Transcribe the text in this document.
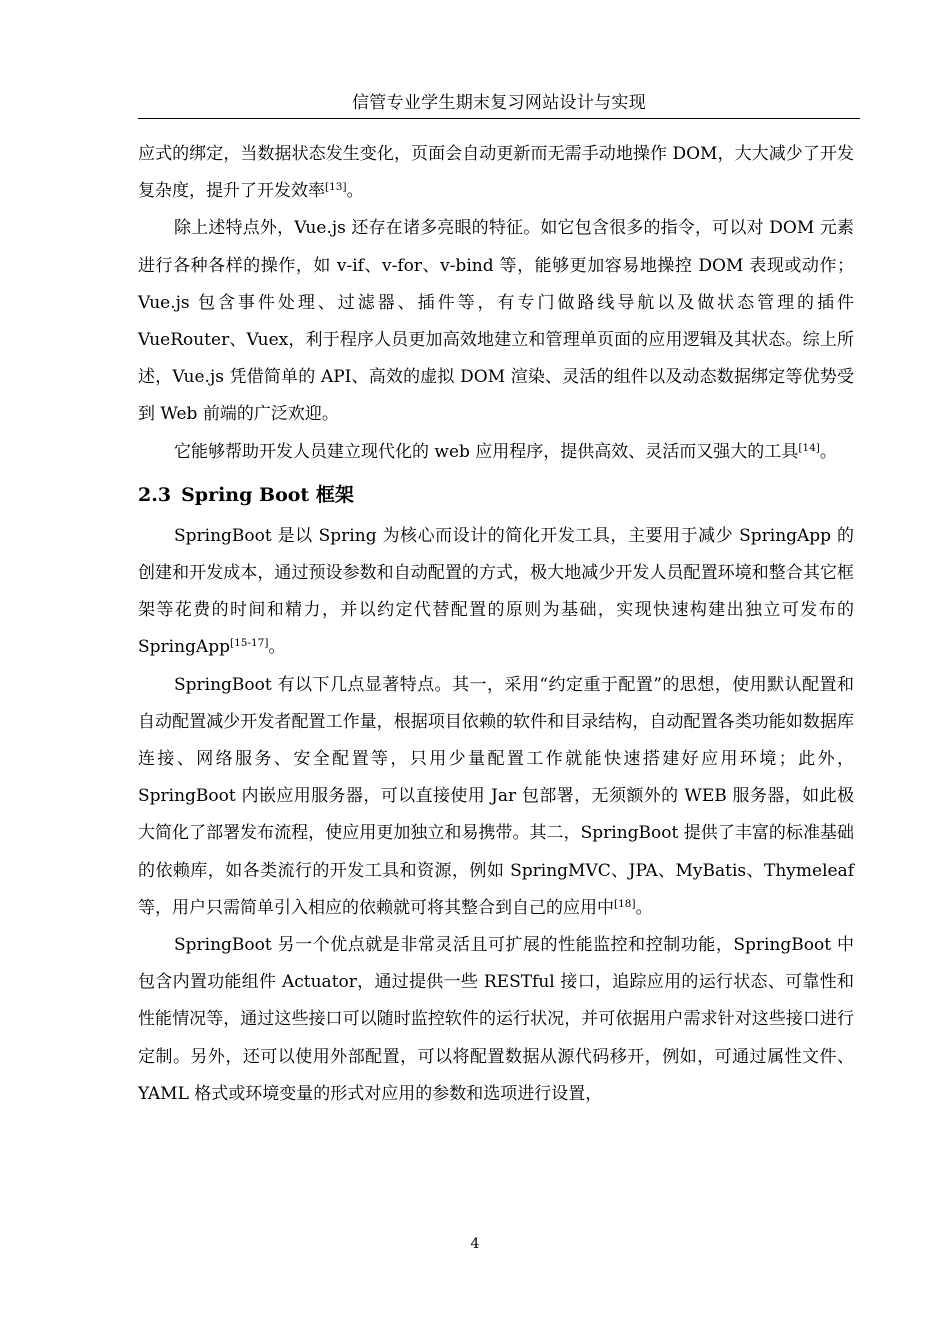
信管专业学生期末复习网站设计与实现

应式的绑定，当数据状态发生变化，页面会自动更新而无需手动地操作 DOM，大大减少了开发复杂度，提升了开发效率[13]。

除上述特点外，Vue.js 还存在诸多亮眼的特征。如它包含很多的指令，可以对 DOM 元素进行各种各样的操作，如 v-if、v-for、v-bind 等，能够更加容易地操控 DOM 表现或动作；Vue.js 包含事件处理、过滤器、插件等，有专门做路线导航以及做状态管理的插件 VueRouter、Vuex，利于程序人员更加高效地建立和管理单页面的应用逻辑及其状态。综上所述，Vue.js 凭借简单的 API、高效的虚拟 DOM 渲染、灵活的组件以及动态数据绑定等优势受到 Web 前端的广泛欢迎。

它能够帮助开发人员建立现代化的 web 应用程序，提供高效、灵活而又强大的工具[14]。

2.3 Spring Boot 框架

SpringBoot 是以 Spring 为核心而设计的简化开发工具，主要用于减少 SpringApp 的创建和开发成本，通过预设参数和自动配置的方式，极大地减少开发人员配置环境和整合其它框架等花费的时间和精力，并以约定代替配置的原则为基础，实现快速构建出独立可发布的 SpringApp[15-17]。

SpringBoot 有以下几点显著特点。其一，采用“约定重于配置”的思想，使用默认配置和自动配置减少开发者配置工作量，根据项目依赖的软件和目录结构，自动配置各类功能如数据库连接、网络服务、安全配置等，只用少量配置工作就能快速搭建好应用环境；此外，SpringBoot 内嵌应用服务器，可以直接使用 Jar 包部署，无须额外的 WEB 服务器，如此极大简化了部署发布流程，使应用更加独立和易携带。其二，SpringBoot 提供了丰富的标准基础的依赖库，如各类流行的开发工具和资源，例如 SpringMVC、JPA、MyBatis、Thymeleaf 等，用户只需简单引入相应的依赖就可将其整合到自己的应用中[18]。

SpringBoot 另一个优点就是非常灵活且可扩展的性能监控和控制功能，SpringBoot 中包含内置功能组件 Actuator，通过提供一些 RESTful 接口，追踪应用的运行状态、可靠性和性能情况等，通过这些接口可以随时监控软件的运行状况，并可依据用户需求针对这些接口进行定制。另外，还可以使用外部配置，可以将配置数据从源代码移开，例如，可通过属性文件、YAML 格式或环境变量的形式对应用的参数和选项进行设置，

4
